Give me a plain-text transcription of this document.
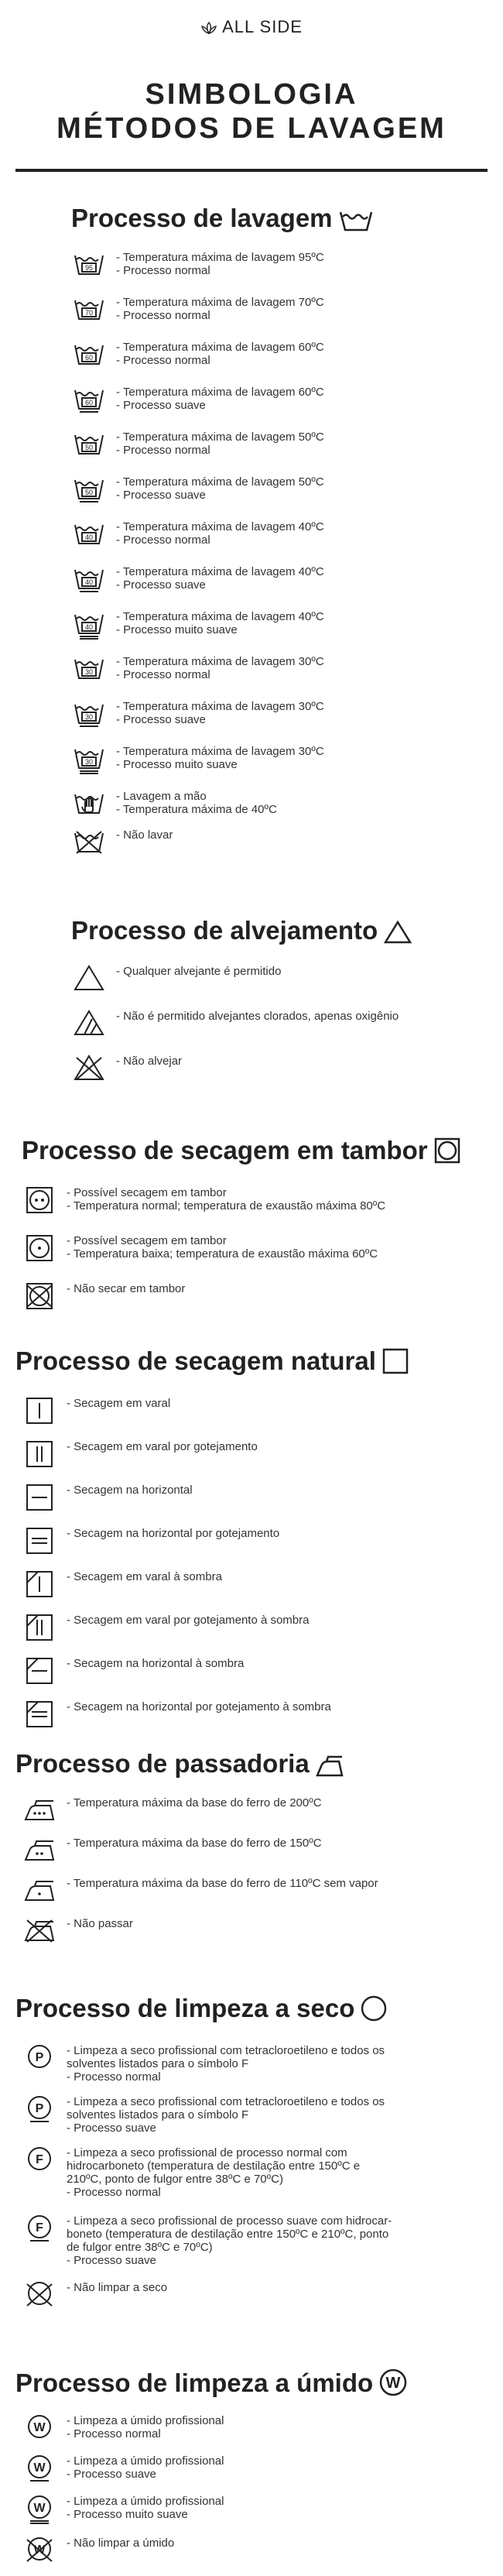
ALL SIDE
SIMBOLOGIA
MÉTODOS DE LAVAGEM
Processo de lavagem
95
- Temperatura máxima de lavagem 95ºC
- Processo normal
70
- Temperatura máxima de lavagem 70ºC
- Processo normal
60
- Temperatura máxima de lavagem 60ºC
- Processo normal
60
- Temperatura máxima de lavagem 60ºC
- Processo suave
50
- Temperatura máxima de lavagem 50ºC
- Processo normal
50
- Temperatura máxima de lavagem 50ºC
- Processo suave
40
- Temperatura máxima de lavagem 40ºC
- Processo normal
40
- Temperatura máxima de lavagem 40ºC
- Processo suave
40
- Temperatura máxima de lavagem 40ºC
- Processo muito suave
30
- Temperatura máxima de lavagem 30ºC
- Processo normal
30
- Temperatura máxima de lavagem 30ºC
- Processo suave
30
- Temperatura máxima de lavagem 30ºC
- Processo muito suave
- Lavagem a mão
- Temperatura máxima de 40ºC
- Não lavar
Processo de alvejamento
- Qualquer alvejante é permitido
- Não é permitido alvejantes clorados, apenas oxigênio
- Não alvejar
Processo de secagem em tambor
- Possível secagem em tambor
- Temperatura normal; temperatura de exaustão máxima 80ºC
- Possível secagem em tambor
- Temperatura baixa; temperatura de exaustão máxima 60ºC
- Não secar em tambor
Processo de secagem natural
- Secagem em varal
- Secagem em varal por gotejamento
- Secagem na horizontal
- Secagem na horizontal por gotejamento
- Secagem em varal à sombra
- Secagem em varal por gotejamento à sombra
- Secagem na horizontal à sombra
- Secagem na horizontal por gotejamento à sombra
Processo de passadoria
- Temperatura máxima da base do ferro de 200ºC
- Temperatura máxima da base do ferro de 150ºC
- Temperatura máxima da base do ferro de 110ºC sem vapor
- Não passar
Processo de limpeza a seco
P
- Limpeza a seco profissional com tetracloroetileno e todos os
solventes listados para o símbolo F
- Processo normal
P
- Limpeza a seco profissional com tetracloroetileno e todos os
solventes listados para o símbolo F
- Processo suave
F
- Limpeza a seco profissional de processo normal com
hidrocarboneto (temperatura de destilação entre 150ºC e
210ºC, ponto de fulgor entre 38ºC e 70ºC)
- Processo normal
F
- Limpeza a seco profissional de processo suave com hidrocar-
boneto (temperatura de destilação entre 150ºC e 210ºC, ponto
de fulgor entre 38ºC e 70ºC)
- Processo suave
- Não limpar a seco
Processo de limpeza a úmido W
W
- Limpeza a úmido profissional
- Processo normal
W
- Limpeza a úmido profissional
- Processo suave
W
- Limpeza a úmido profissional
- Processo muito suave
W
- Não limpar a úmido
